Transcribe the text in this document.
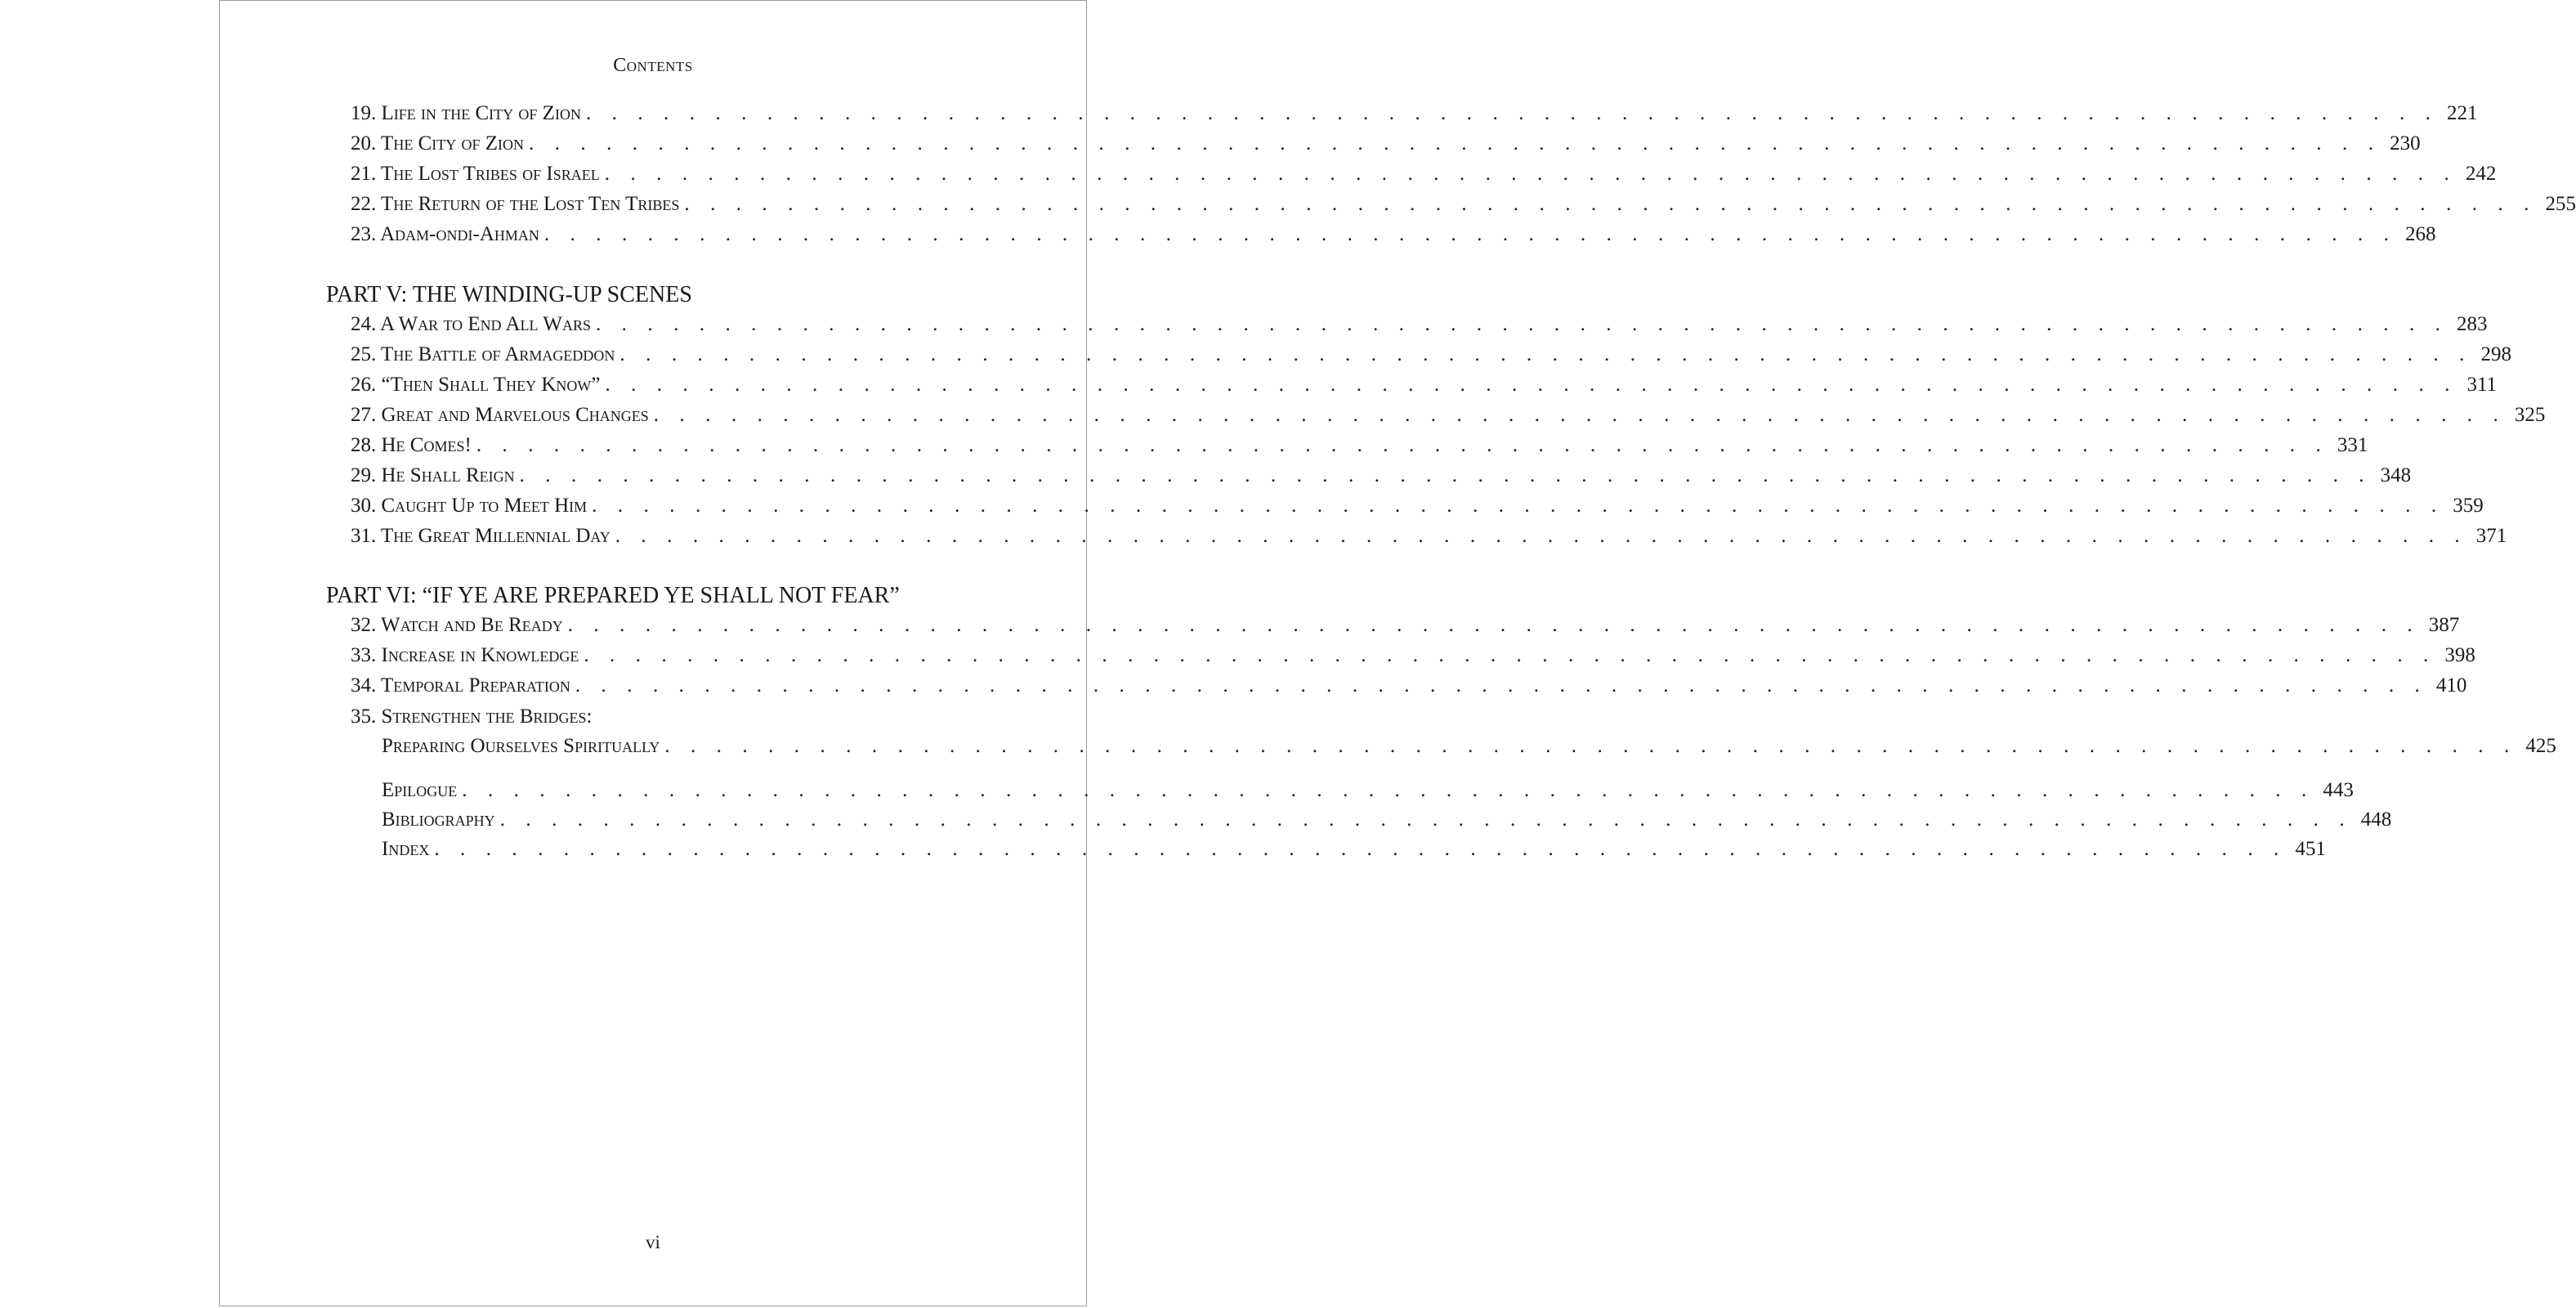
Contents
19. Life in the City of Zion . . . . . . . . . . . . . . . . . . . . . . . . . . . . . . . . . . . . . . . . . . . . . . . . . . . . . . . . . . . . . . . . . . . . . . . . 221
20. The City of Zion . . . . . . . . . . . . . . . . . . . . . . . . . . . . . . . . . . . . . . . . . . . . . . . . . . . . . . . . . . . . . . . . . . . . . . . . 230
21. The Lost Tribes of Israel . . . . . . . . . . . . . . . . . . . . . . . . . . . . . . . . . . . . . . . . . . . . . . . . . . . . . . . . . . . . . . . . . . . . . . . . 242
22. The Return of the Lost Ten Tribes . . . . . . . . . . . . . . . . . . . . . . . . . . . . . . . . . . . . . . . . . . . . . . . . . . . . . . . . . . . . . . . . . . . . . . . . 255
23. Adam-ondi-Ahman . . . . . . . . . . . . . . . . . . . . . . . . . . . . . . . . . . . . . . . . . . . . . . . . . . . . . . . . . . . . . . . . . . . . . . . . 268
PART V: THE WINDING-UP SCENES
24. A War to End All Wars . . . . . . . . . . . . . . . . . . . . . . . . . . . . . . . . . . . . . . . . . . . . . . . . . . . . . . . . . . . . . . . . . . . . . . . . 283
25. The Battle of Armageddon . . . . . . . . . . . . . . . . . . . . . . . . . . . . . . . . . . . . . . . . . . . . . . . . . . . . . . . . . . . . . . . . . . . . . . . . 298
26. “Then Shall They Know” . . . . . . . . . . . . . . . . . . . . . . . . . . . . . . . . . . . . . . . . . . . . . . . . . . . . . . . . . . . . . . . . . . . . . . . . 311
27. Great and Marvelous Changes . . . . . . . . . . . . . . . . . . . . . . . . . . . . . . . . . . . . . . . . . . . . . . . . . . . . . . . . . . . . . . . . . . . . . . . . 325
28. He Comes! . . . . . . . . . . . . . . . . . . . . . . . . . . . . . . . . . . . . . . . . . . . . . . . . . . . . . . . . . . . . . . . . . . . . . . . . 331
29. He Shall Reign . . . . . . . . . . . . . . . . . . . . . . . . . . . . . . . . . . . . . . . . . . . . . . . . . . . . . . . . . . . . . . . . . . . . . . . . 348
30. Caught Up to Meet Him . . . . . . . . . . . . . . . . . . . . . . . . . . . . . . . . . . . . . . . . . . . . . . . . . . . . . . . . . . . . . . . . . . . . . . . . 359
31. The Great Millennial Day . . . . . . . . . . . . . . . . . . . . . . . . . . . . . . . . . . . . . . . . . . . . . . . . . . . . . . . . . . . . . . . . . . . . . . . . 371
PART VI: “IF YE ARE PREPARED YE SHALL NOT FEAR”
32. Watch and Be Ready . . . . . . . . . . . . . . . . . . . . . . . . . . . . . . . . . . . . . . . . . . . . . . . . . . . . . . . . . . . . . . . . . . . . . . . . 387
33. Increase in Knowledge . . . . . . . . . . . . . . . . . . . . . . . . . . . . . . . . . . . . . . . . . . . . . . . . . . . . . . . . . . . . . . . . . . . . . . . . 398
34. Temporal Preparation . . . . . . . . . . . . . . . . . . . . . . . . . . . . . . . . . . . . . . . . . . . . . . . . . . . . . . . . . . . . . . . . . . . . . . . . 410
35. Strengthen the Bridges:
Preparing Ourselves Spiritually . . . . . . . . . . . . . . . . . . . . . . . . . . . . . . . . . . . . . . . . . . . . . . . . . . . . . . . . . . . . . . . . . . . . . . . . 425
Epilogue . . . . . . . . . . . . . . . . . . . . . . . . . . . . . . . . . . . . . . . . . . . . . . . . . . . . . . . . . . . . . . . . . . . . . . . . 443
Bibliography . . . . . . . . . . . . . . . . . . . . . . . . . . . . . . . . . . . . . . . . . . . . . . . . . . . . . . . . . . . . . . . . . . . . . . . . 448
Index . . . . . . . . . . . . . . . . . . . . . . . . . . . . . . . . . . . . . . . . . . . . . . . . . . . . . . . . . . . . . . . . . . . . . . . . 451
vi
